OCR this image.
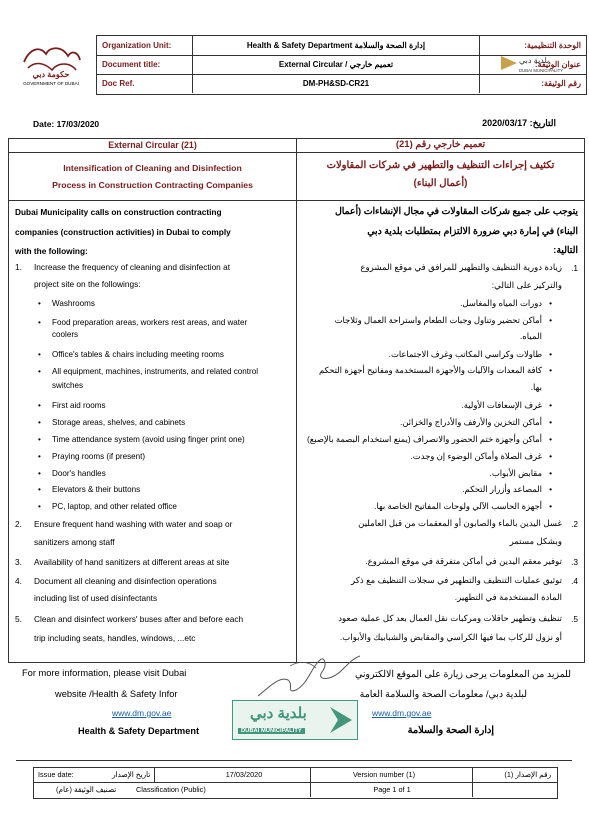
حكومة دبي
GOVERNMENT OF DUBAI
Organization Unit:	Health & Safety Department إدارة الصحة والسلامة	الوحدة التنظيمية:
Document title:	External Circular / تعميم خارجي	عنوان الوثيقة:
Doc Ref.	DM-PH&SD-CR21	رقم الوثيقة:
بلدية دبي
DUBAI MUNICIPALITY
Date: 17/03/2020	التاريخ: 2020/03/17
External Circular (21)	تعميم خارجي رقم (21)
Intensification of Cleaning and Disinfection
Process in Construction Contracting Companies
تكثيف إجراءات التنظيف والتطهير في شركات المقاولات
(أعمال البناء)
Dubai Municipality calls on construction contracting
companies (construction activities) in Dubai to comply
with the following:
1. Increase the frequency of cleaning and disinfection at
project site on the followings:
• Washrooms
• Food preparation areas, workers rest areas, and water
coolers
• Office's tables & chairs including meeting rooms
• All equipment, machines, instruments, and related control
switches
• First aid rooms
• Storage areas, shelves, and cabinets
• Time attendance system (avoid using finger print one)
• Praying rooms (if present)
• Door's handles
• Elevators & their buttons
• PC, laptop, and other related office
2. Ensure frequent hand washing with water and soap or
sanitizers among staff
3. Availability of hand sanitizers at different areas at site
4. Document all cleaning and disinfection operations
including list of used disinfectants
5. Clean and disinfect workers' buses after and before each
trip including seats, handles, windows, ...etc
يتوجب على جميع شركات المقاولات في مجال الإنشاءات (أعمال
البناء) في إمارة دبي ضرورة الالتزام بمتطلبات بلدية دبي
التالية:
.1
زيادة دورية التنظيف والتطهير للمرافق في موقع المشروع
والتركيز على التالي:
• دورات المياه والمغاسل.
• أماكن تحضير وتناول وجبات الطعام واستراحة العمال وثلاجات
المياه.
• طاولات وكراسي المكاتب وغرف الاجتماعات.
• كافة المعدات والآليات والأجهزة المستخدمة ومفاتيح أجهزة التحكم
بها.
• غرف الإسعافات الأولية.
• أماكن التخزين والأرفف والأدراج والخزائن.
• أماكن وأجهزة ختم الحضور والانصراف (يمنع استخدام البصمة بالإصبع)
• غرف الصلاة وأماكن الوضوء إن وجدت.
• مقابض الأبواب.
• المصاعد وأزرار التحكم.
• أجهزة الحاسب الآلي ولوحات المفاتيح الخاصة بها.
.2
غسل اليدين بالماء والصابون أو المعقمات من قبل العاملين
وبشكل مستمر
.3
توفير معقم اليدين في أماكن متفرقة في موقع المشروع.
.4
توثيق عمليات التنظيف والتطهير في سجلات التنظيف مع ذكر
المادة المستخدمة في التطهير.
.5
تنظيف وتطهير حافلات ومركبات نقل العمال بعد كل عملية صعود
أو نزول للركاب بما فيها الكراسي والمقابض والشبابيك والأبواب.
For more information, please visit Dubai
website /Health & Safety Infor
www.dm.gov.ae
Health & Safety Department
للمزيد من المعلومات يرجى زيارة على الموقع الالكتروني
لبلدية دبي/ معلومات الصحة والسلامة العامة
www.dm.gov.ae
إدارة الصحة والسلامة
بلدية دبي
DUBAI MUNICIPALITY
Issue date:	تاريخ الإصدار	17/03/2020	Version number (1)	رقم الإصدار (1)
تصنيف الوثيقة (عام)	Classification (Public)	Page 1 of 1
